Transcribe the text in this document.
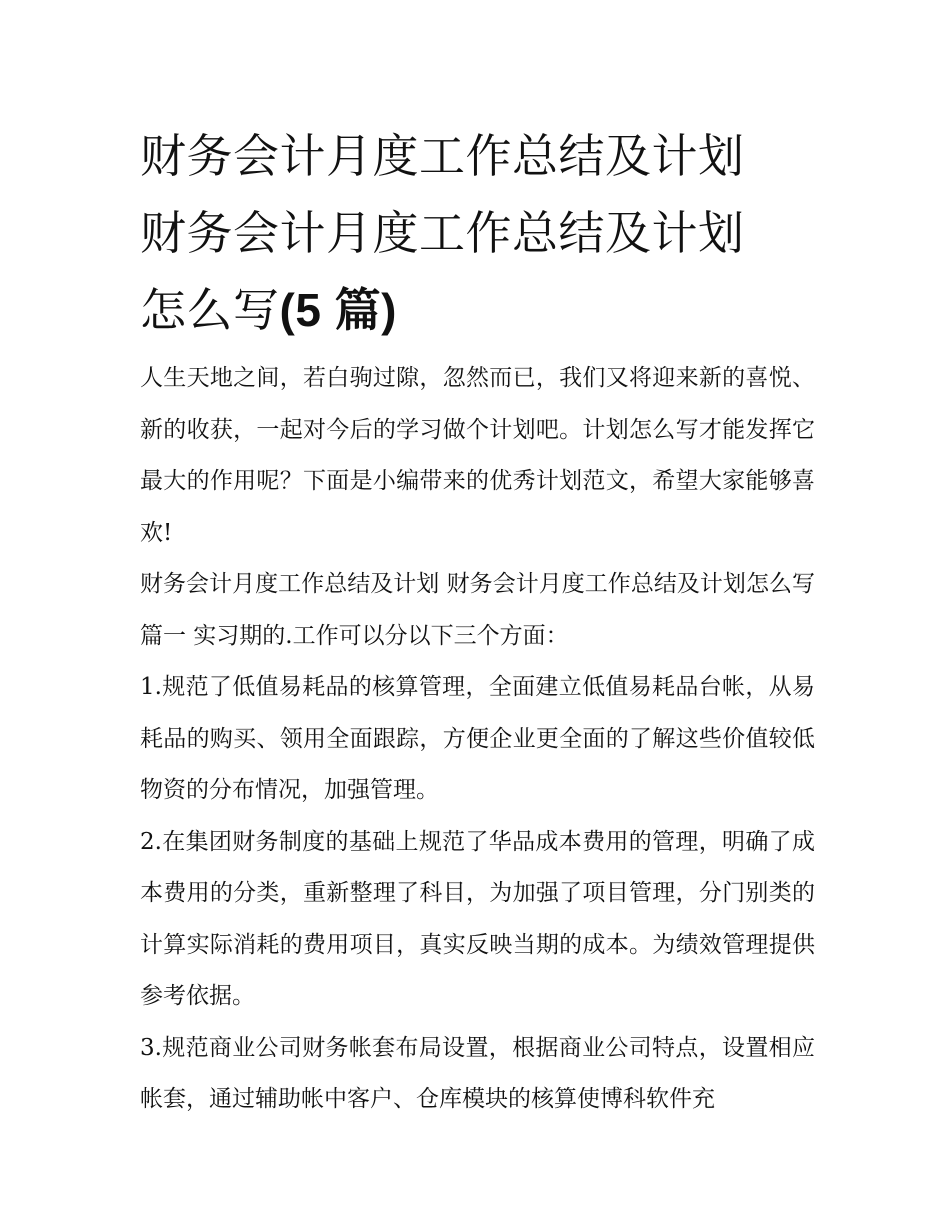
财务会计月度工作总结及计划
财务会计月度工作总结及计划
怎么写(5 篇)

人生天地之间，若白驹过隙，忽然而已，我们又将迎来新的喜悦、新的收获，一起对今后的学习做个计划吧。计划怎么写才能发挥它最大的作用呢？下面是小编带来的优秀计划范文，希望大家能够喜欢!

财务会计月度工作总结及计划 财务会计月度工作总结及计划怎么写篇一 实习期的.工作可以分以下三个方面：

1.规范了低值易耗品的核算管理，全面建立低值易耗品台帐，从易耗品的购买、领用全面跟踪，方便企业更全面的了解这些价值较低物资的分布情况，加强管理。

2.在集团财务制度的基础上规范了华品成本费用的管理，明确了成本费用的分类，重新整理了科目，为加强了项目管理，分门别类的计算实际消耗的费用项目，真实反映当期的成本。为绩效管理提供参考依据。

3.规范商业公司财务帐套布局设置，根据商业公司特点，设置相应帐套，通过辅助帐中客户、仓库模块的核算使博科软件充
